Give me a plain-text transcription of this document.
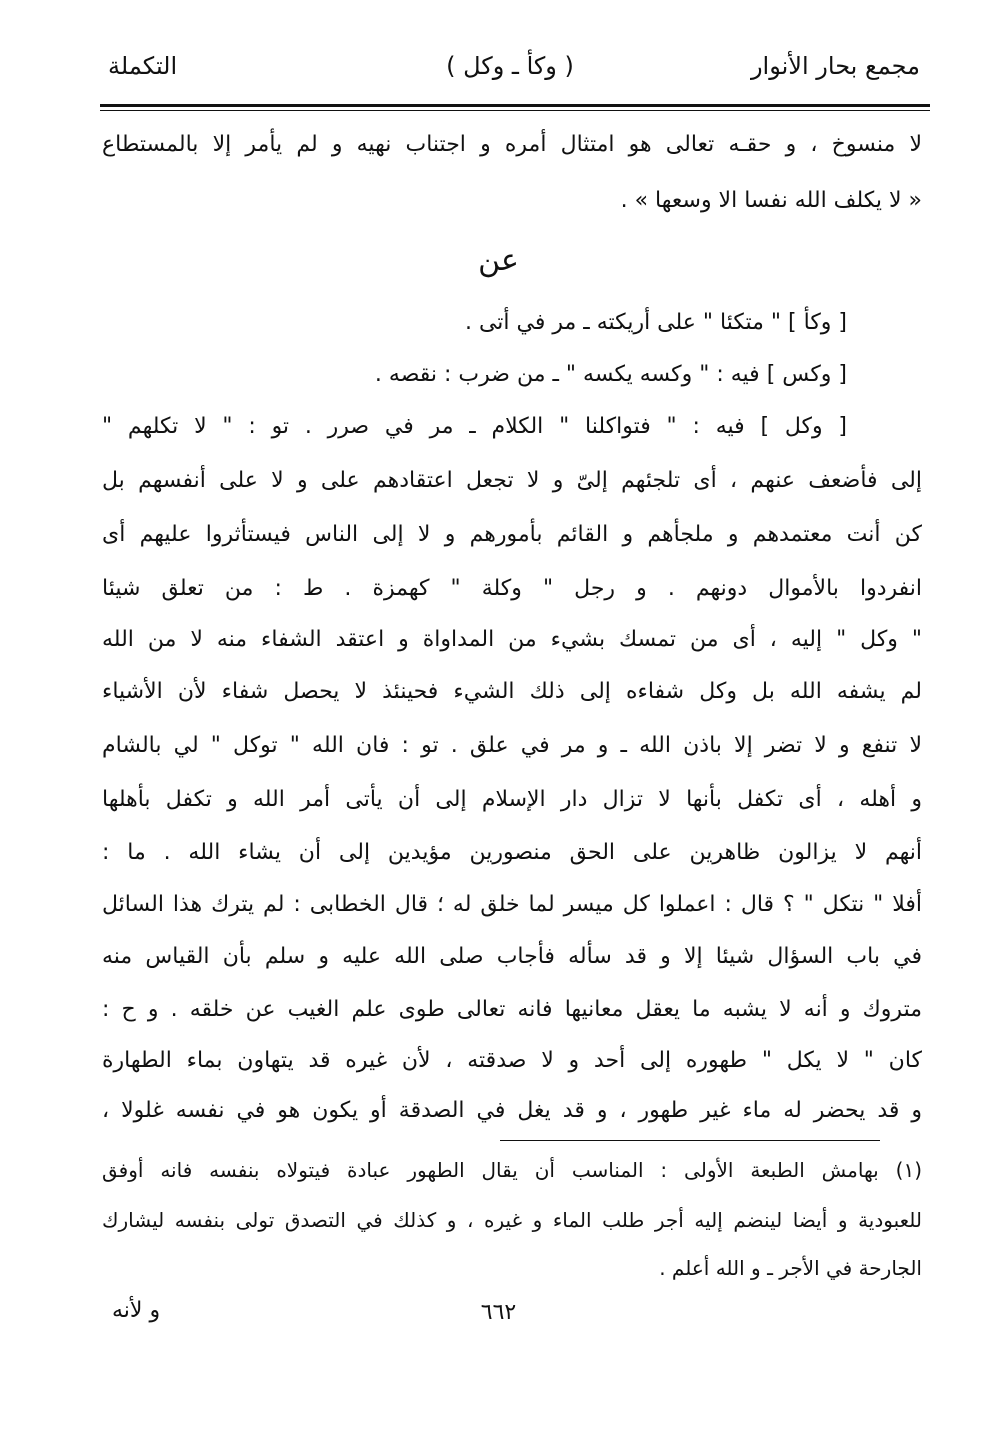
مجمع بحار الأنوار
( وكأ ـ وكل )
التكملة
لا منسوخ ، و حقـه تعالى هو امتثال أمره و اجتناب نهيه و لم يأمر إلا بالمستطاع
« لا يكلف الله نفسا الا وسعها » .
عن
[ وكأ ] " متكئا " على أريكته ـ مر في أتى .
[ وكس ] فيه : " وكسه يكسه " ـ من ضرب : نقصه .
[ وكل ] فيه : " فتواكلنا " الكلام ـ مر في صرر . تو : " لا تكلهم "
إلى فأضعف عنهم ، أى تلجئهم إلىّ و لا تجعل اعتقادهم على و لا على أنفسهم بل
كن أنت معتمدهم و ملجأهم و القائم بأمورهم و لا إلى الناس فيستأثروا عليهم أى
انفردوا بالأموال دونهم . و رجل " وكلة " كهمزة . ط : من تعلق شيئا
" وكل " إليه ، أى من تمسك بشيء من المداواة و اعتقد الشفاء منه لا من الله
لم يشفه الله بل وكل شفاءه إلى ذلك الشيء فحينئذ لا يحصل شفاء لأن الأشياء
لا تنفع و لا تضر إلا باذن الله ـ و مر في علق . تو : فان الله " توكل " لي بالشام
و أهله ، أى تكفل بأنها لا تزال دار الإسلام إلى أن يأتى أمر الله و تكفل بأهلها
أنهم لا يزالون ظاهرين على الحق منصورين مؤيدين إلى أن يشاء الله . ما :
أفلا " نتكل " ؟ قال : اعملوا كل ميسر لما خلق له ؛ قال الخطابى : لم يترك هذا السائل
في باب السؤال شيئا إلا و قد سأله فأجاب صلى الله عليه و سلم بأن القياس منه
متروك و أنه لا يشبه ما يعقل معانيها فانه تعالى طوى علم الغيب عن خلقه . و ح :
كان " لا يكل " طهوره إلى أحد و لا صدقته ، لأن غيره قد يتهاون بماء الطهارة
و قد يحضر له ماء غير طهور ، و قد يغل في الصدقة أو يكون هو في نفسه غلولا ،
(١) بهامش الطبعة الأولى : المناسب أن يقال الطهور عبادة فيتولاه بنفسه فانه أوفق
للعبودية و أيضا لينضم إليه أجر طلب الماء و غيره ، و كذلك في التصدق تولى بنفسه ليشارك
الجارحة في الأجر ـ و الله أعلم .
٦٦٢
و لأنه
